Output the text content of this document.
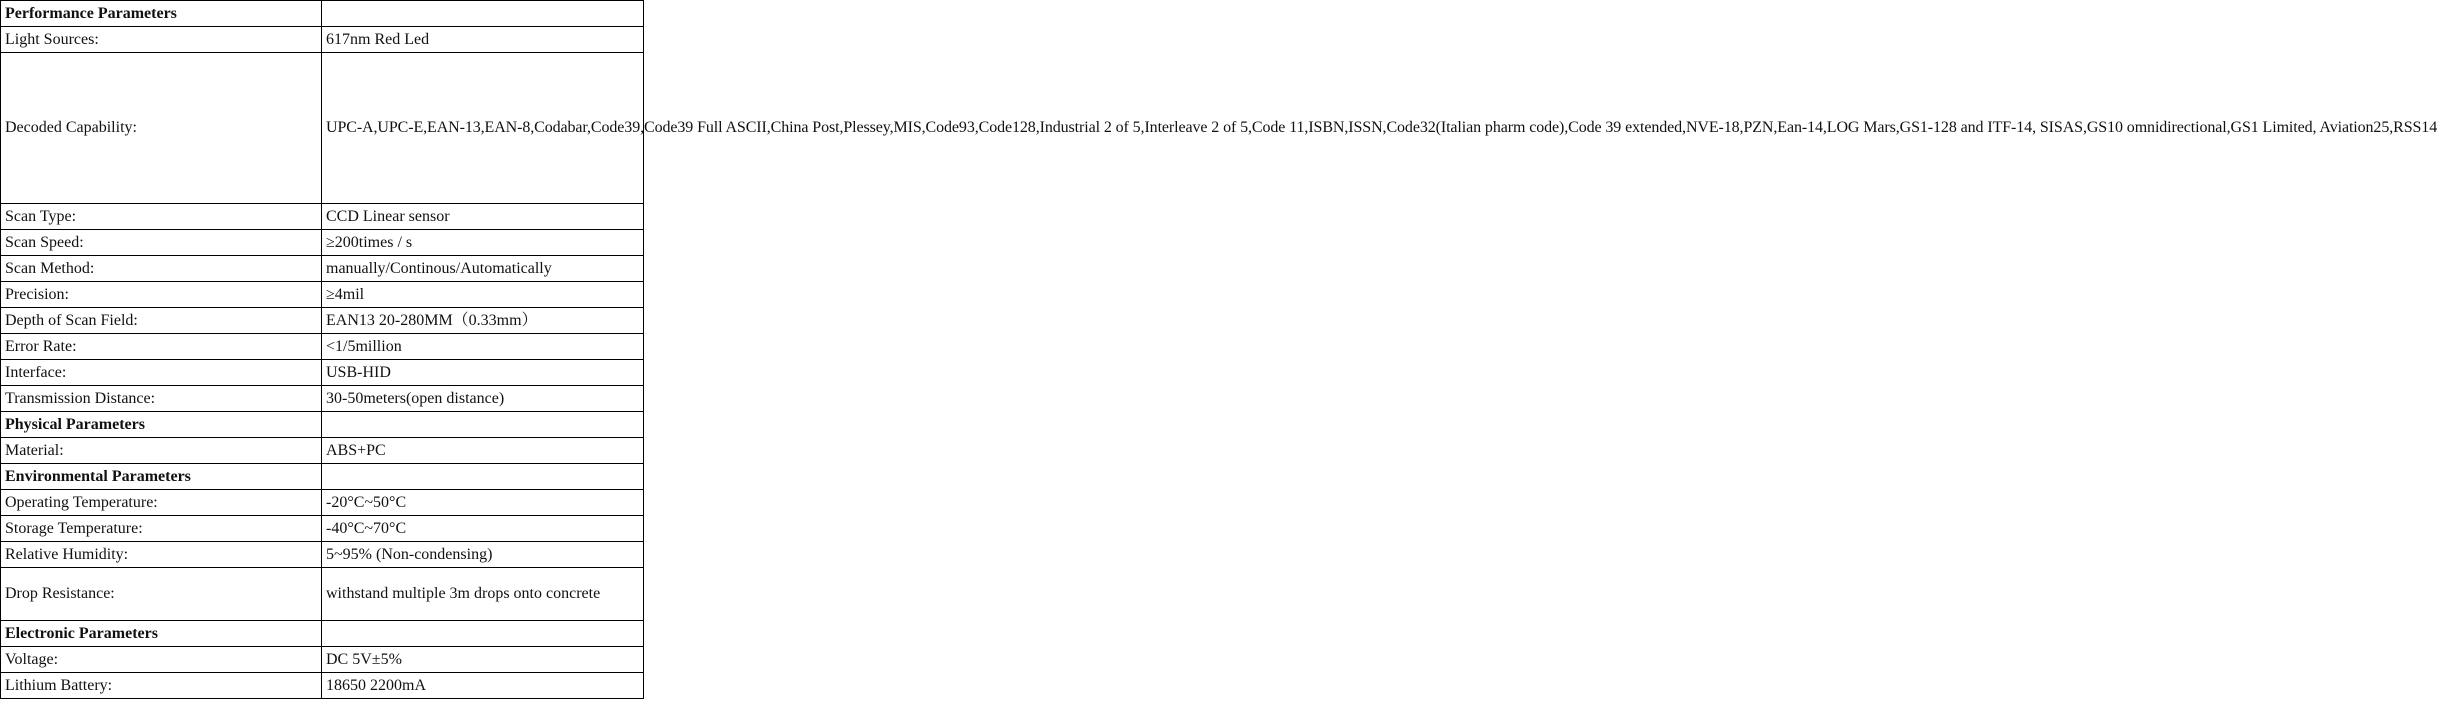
Performance Parameters	
Light Sources:	617nm Red Led
Decoded Capability:	UPC-A,UPC-E,EAN-13,EAN-8,Codabar,Code39,Code39 Full ASCII,China Post,Plessey,MIS,Code93,Code128,Industrial 2 of 5,Interleave 2 of 5,Code 11,ISBN,ISSN,Code32(Italian pharm code),Code 39 extended,NVE-18,PZN,Ean-14,LOG Mars,GS1-128 and ITF-14, SISAS,GS10 omnidirectional,GS1 Limited, Aviation25,RSS14
Scan Type:	CCD Linear sensor
Scan Speed:	≥200times / s
Scan Method:	manually/Continous/Automatically
Precision:	≥4mil
Depth of Scan Field:	EAN13 20-280MM（0.33mm）
Error Rate:	<1/5million
Interface:	USB-HID
Transmission Distance:	30-50meters(open distance)
Physical Parameters	
Material:	ABS+PC
Environmental Parameters	
Operating Temperature:	-20°C~50°C
Storage Temperature:	-40°C~70°C
Relative Humidity:	5~95% (Non-condensing)
Drop Resistance:	withstand multiple 3m drops onto concrete
Electronic Parameters	
Voltage:	DC 5V±5%
Lithium Battery:	18650 2200mA
